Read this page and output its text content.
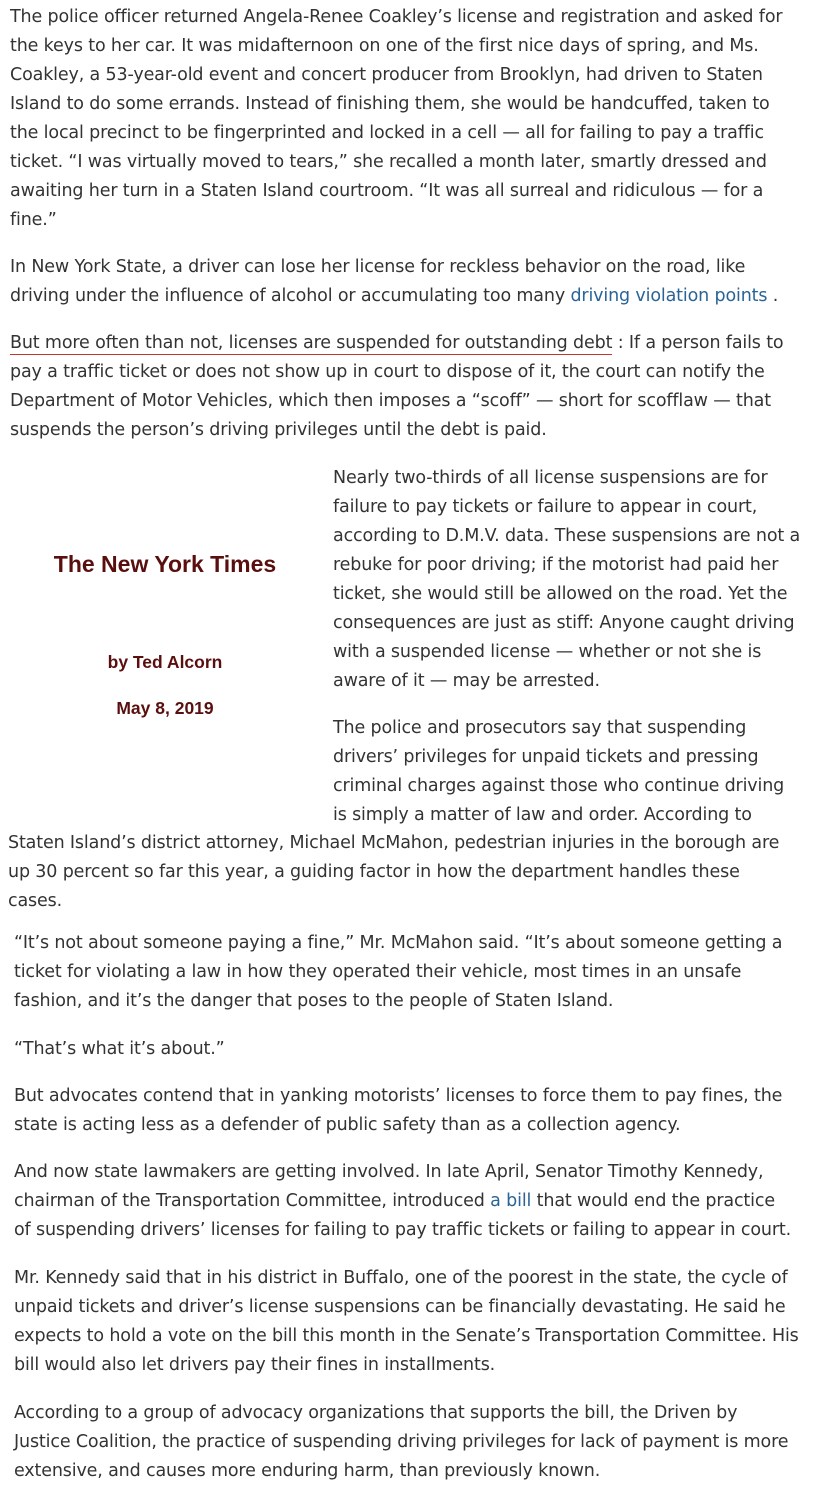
The police officer returned Angela-Renee Coakley’s license and registration and asked for
the keys to her car. It was midafternoon on one of the first nice days of spring, and Ms.
Coakley, a 53-year-old event and concert producer from Brooklyn, had driven to Staten
Island to do some errands. Instead of finishing them, she would be handcuffed, taken to
the local precinct to be fingerprinted and locked in a cell — all for failing to pay a traffic
ticket. “I was virtually moved to tears,” she recalled a month later, smartly dressed and
awaiting her turn in a Staten Island courtroom. “It was all surreal and ridiculous — for a
fine.”
In New York State, a driver can lose her license for reckless behavior on the road, like
driving under the influence of alcohol or accumulating too many driving violation points .
But more often than not, licenses are suspended for outstanding debt : If a person fails to
pay a traffic ticket or does not show up in court to dispose of it, the court can notify the
Department of Motor Vehicles, which then imposes a “scoff” — short for scofflaw — that
suspends the person’s driving privileges until the debt is paid.
The New York Times
by Ted Alcorn
May 8, 2019
Nearly two-thirds of all license suspensions are for
failure to pay tickets or failure to appear in court,
according to D.M.V. data. These suspensions are not a
rebuke for poor driving; if the motorist had paid her
ticket, she would still be allowed on the road. Yet the
consequences are just as stiff: Anyone caught driving
with a suspended license — whether or not she is
aware of it — may be arrested.
The police and prosecutors say that suspending
drivers’ privileges for unpaid tickets and pressing
criminal charges against those who continue driving
is simply a matter of law and order. According to
Staten Island’s district attorney, Michael McMahon, pedestrian injuries in the borough are
up 30 percent so far this year, a guiding factor in how the department handles these
cases.
“It’s not about someone paying a fine,” Mr. McMahon said. “It’s about someone getting a
ticket for violating a law in how they operated their vehicle, most times in an unsafe
fashion, and it’s the danger that poses to the people of Staten Island.
“That’s what it’s about.”
But advocates contend that in yanking motorists’ licenses to force them to pay fines, the
state is acting less as a defender of public safety than as a collection agency.
And now state lawmakers are getting involved. In late April, Senator Timothy Kennedy,
chairman of the Transportation Committee, introduced a bill that would end the practice
of suspending drivers’ licenses for failing to pay traffic tickets or failing to appear in court.
Mr. Kennedy said that in his district in Buffalo, one of the poorest in the state, the cycle of
unpaid tickets and driver’s license suspensions can be financially devastating. He said he
expects to hold a vote on the bill this month in the Senate’s Transportation Committee. His
bill would also let drivers pay their fines in installments.
According to a group of advocacy organizations that supports the bill, the Driven by
Justice Coalition, the practice of suspending driving privileges for lack of payment is more
extensive, and causes more enduring harm, than previously known.
